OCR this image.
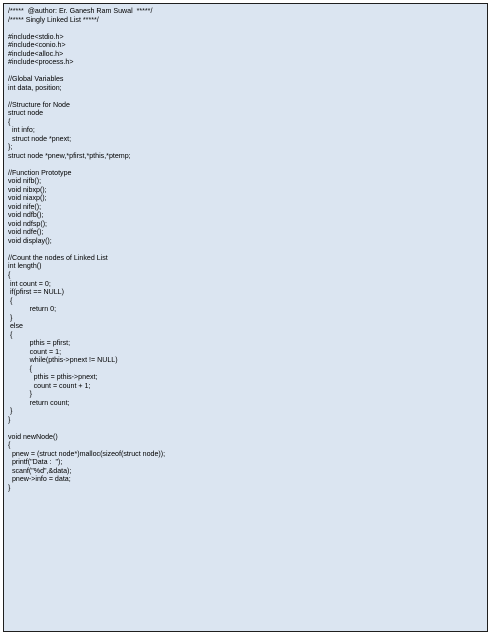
/*****  @author: Er. Ganesh Ram Suwal  *****/
/***** Singly Linked List *****/
#include<stdio.h>
#include<conio.h>
#include<alloc.h>
#include<process.h>
//Global Variables
int data, position;
//Structure for Node
struct node
{
int info;
struct node *pnext;
};
struct node *pnew,*pfirst,*pthis,*ptemp;
//Function Prototype
void nifb();
void nibxp();
void niaxp();
void nife();
void ndfb();
void ndfsp();
void ndfe();
void display();
//Count the nodes of Linked List
int length()
{
int count = 0;
if(pfirst == NULL)
{
return 0;
}
else
{
pthis = pfirst;
count = 1;
while(pthis->pnext != NULL)
{
pthis = pthis->pnext;
count = count + 1;
}
return count;
}
}
void newNode()
{
pnew = (struct node*)malloc(sizeof(struct node));
printf("Data :  ");
scanf("%d",&data);
pnew->info = data;
}
